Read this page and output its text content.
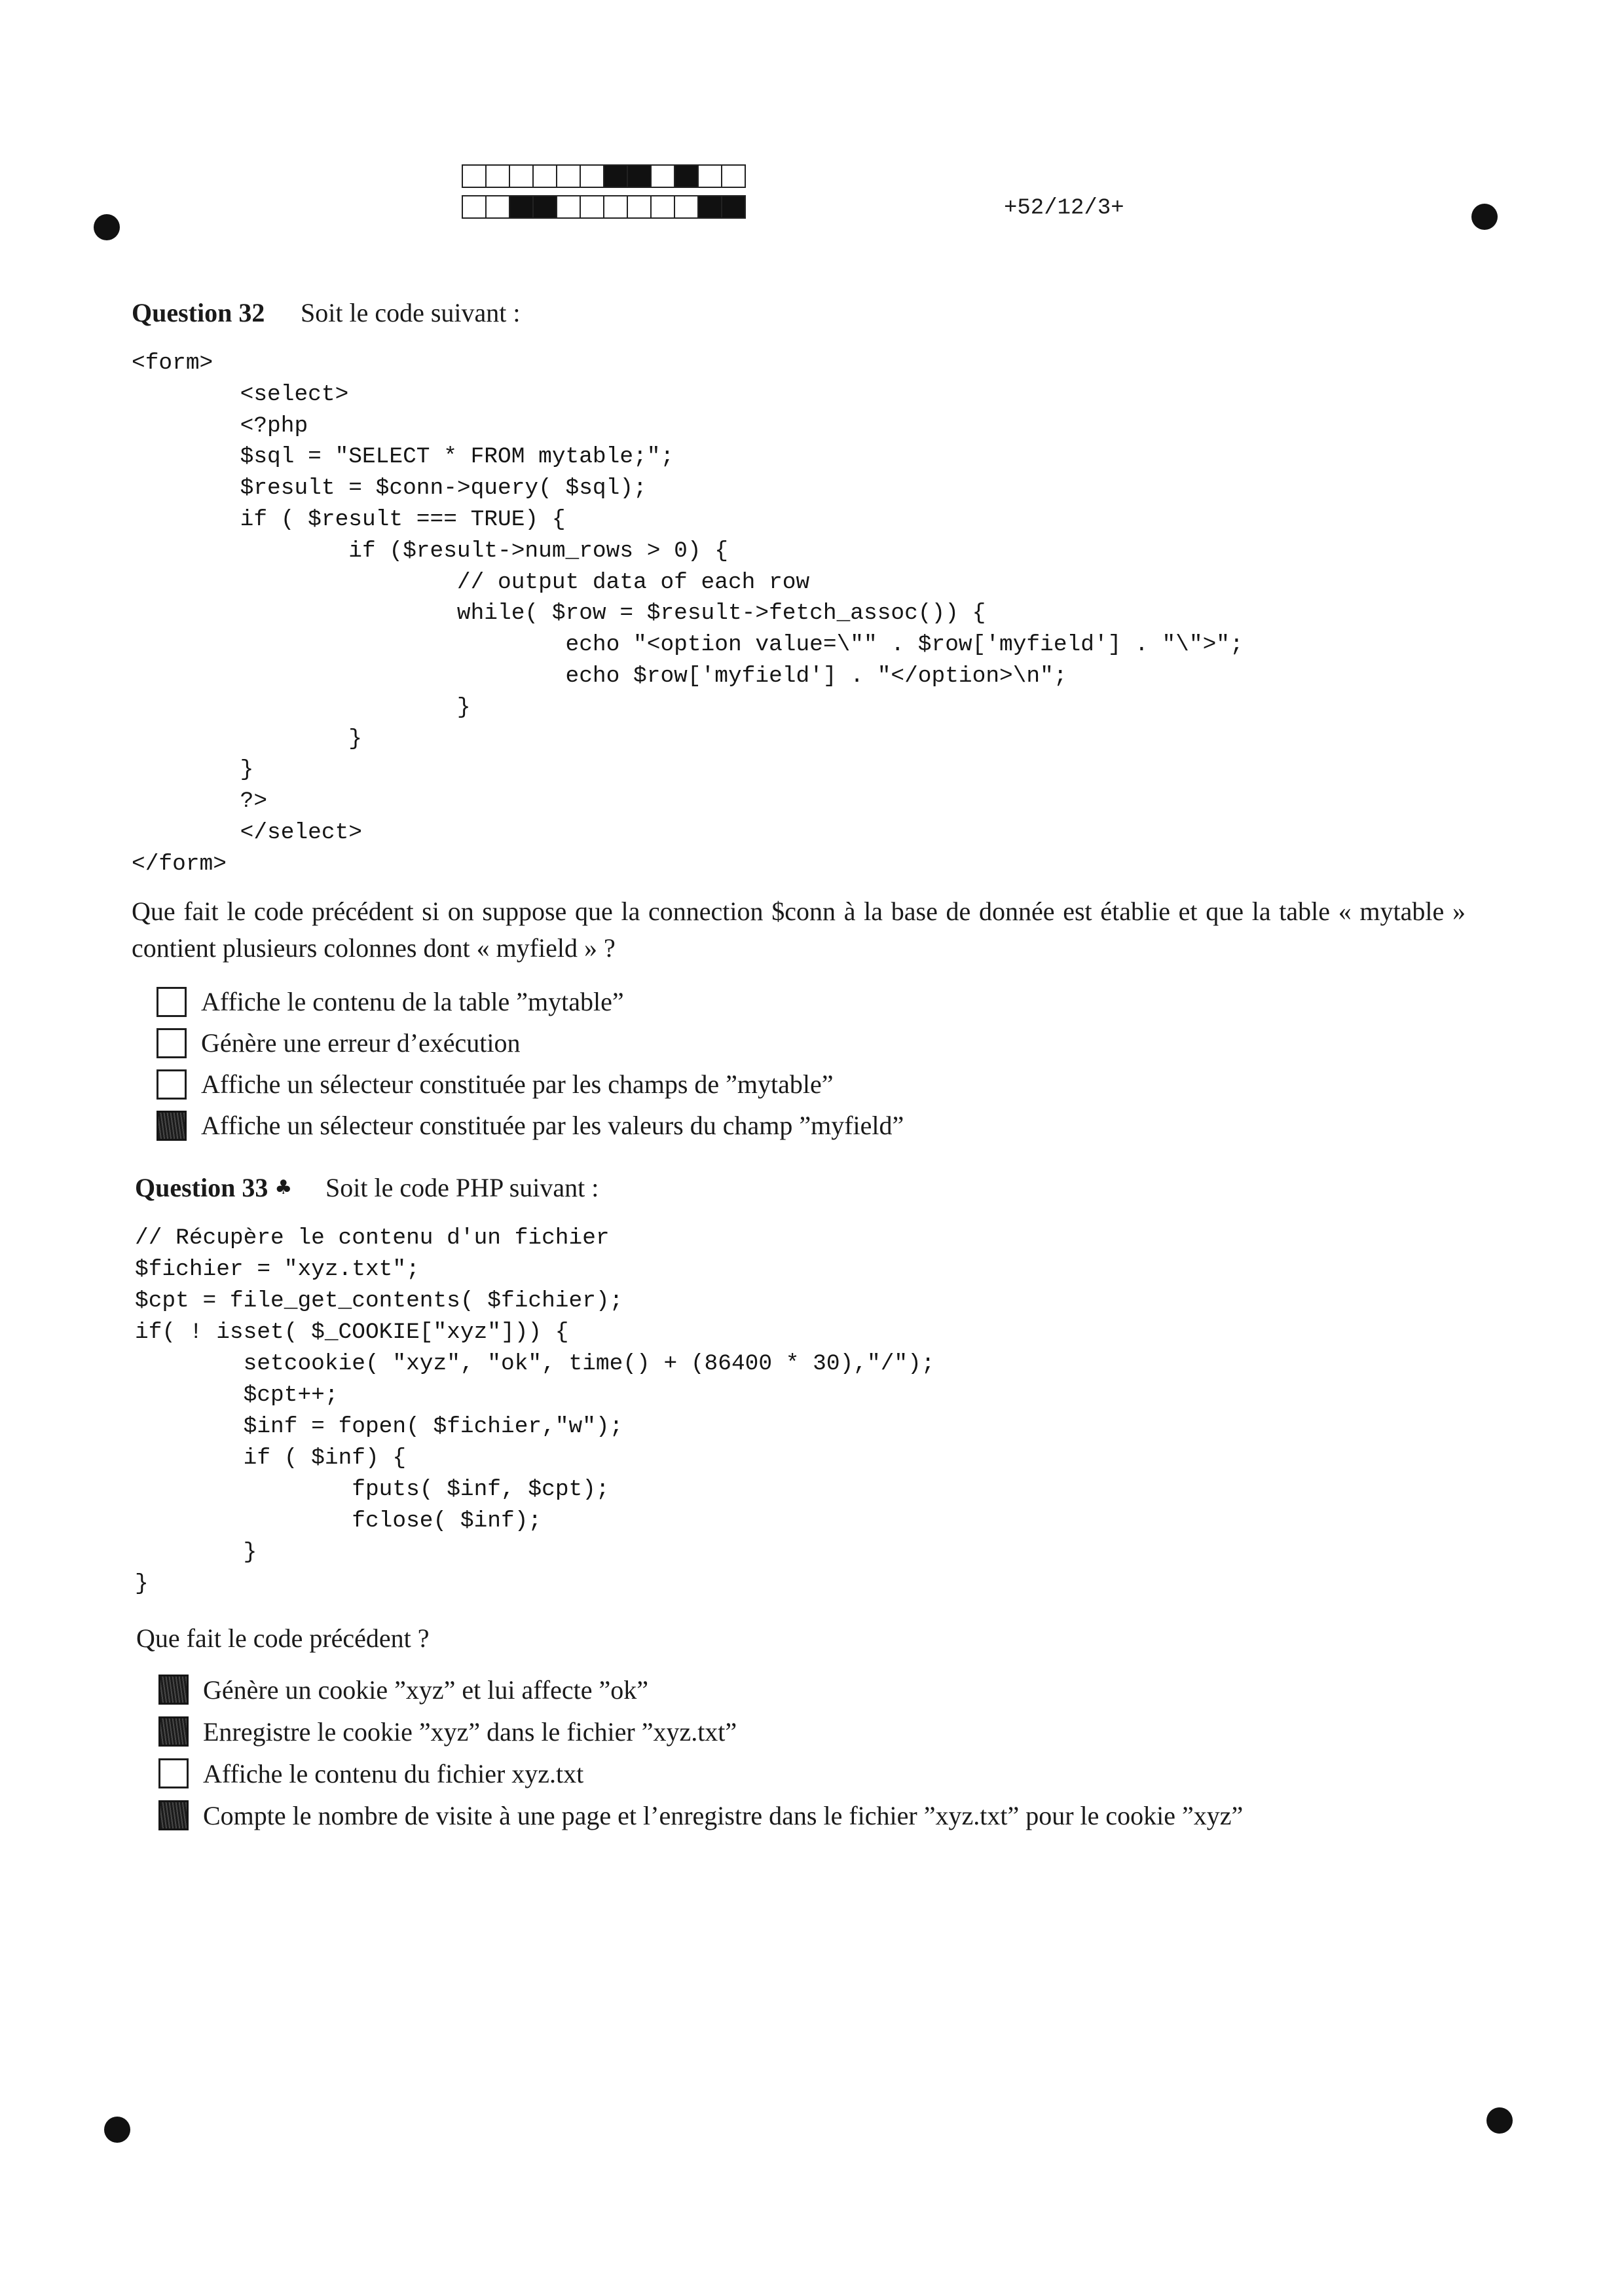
+52/12/3+
Question 32 Soit le code suivant :
<form>
	<select>
	<?php
	$sql = "SELECT * FROM mytable;";
	$result = $conn->query( $sql);
	if ( $result === TRUE) {
		if ($result->num_rows > 0) {
			// output data of each row
			while( $row = $result->fetch_assoc()) {
				echo "<option value=\"" . $row['myfield'] . "\">";
				echo $row['myfield'] . "</option>\n";
			}
		}
	}
	?>
	</select>
</form>
Que fait le code précédent si on suppose que la connection $conn à la base de donnée est établie et que la table « mytable » contient plusieurs colonnes dont « myfield » ?
Affiche le contenu de la table ”mytable”
Génère une erreur d’exécution
Affiche un sélecteur constituée par les champs de ”mytable”
Affiche un sélecteur constituée par les valeurs du champ ”myfield”
Question 33 ♣ Soit le code PHP suivant :
// Récupère le contenu d'un fichier
$fichier = "xyz.txt";
$cpt = file_get_contents( $fichier);
if( ! isset( $_COOKIE["xyz"])) {
	setcookie( "xyz", "ok", time() + (86400 * 30),"/");
	$cpt++;
	$inf = fopen( $fichier,"w");
	if ( $inf) {
		fputs( $inf, $cpt);
		fclose( $inf);
	}
}
Que fait le code précédent ?
Génère un cookie ”xyz” et lui affecte ”ok”
Enregistre le cookie ”xyz” dans le fichier ”xyz.txt”
Affiche le contenu du fichier xyz.txt
Compte le nombre de visite à une page et l’enregistre dans le fichier ”xyz.txt” pour le cookie ”xyz”
